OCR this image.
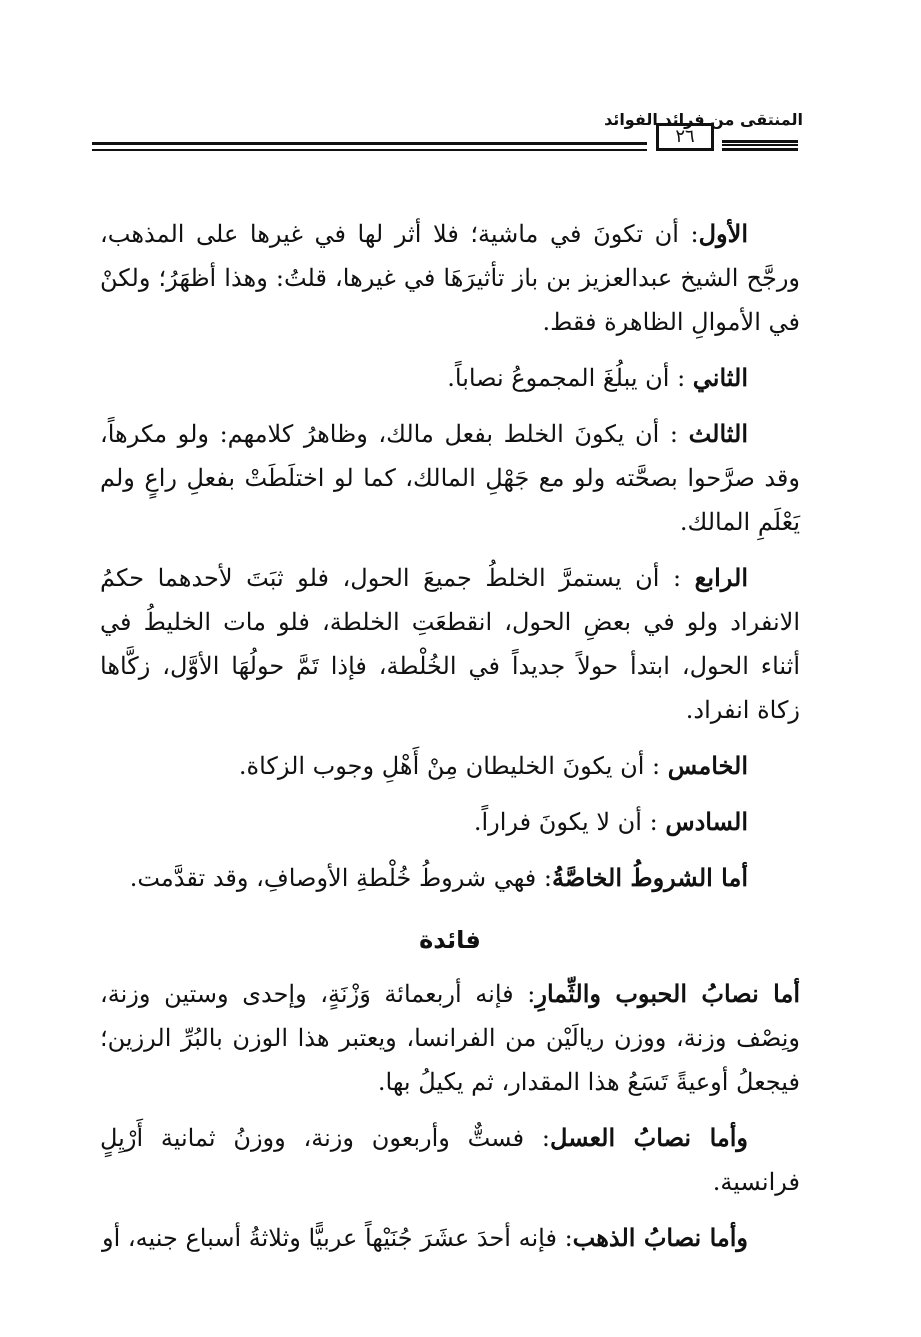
المنتقى من فرائد الفوائد
٢٦

الأول: أن تكونَ في ماشية؛ فلا أثر لها في غيرها على المذهب، ورجَّح الشيخ عبدالعزيز بن باز تأثيرَهَا في غيرها، قلتُ: وهذا أظهَرُ؛ ولكنْ في الأموالِ الظاهرة فقط.

الثاني : أن يبلُغَ المجموعُ نصاباً.

الثالث : أن يكونَ الخلط بفعل مالك، وظاهرُ كلامهم: ولو مكرهاً، وقد صرَّحوا بصحَّته ولو مع جَهْلِ المالك، كما لو اختلَطَتْ بفعلِ راعٍ ولم يَعْلَمِ المالك.

الرابع : أن يستمرَّ الخلطُ جميعَ الحول، فلو ثبَتَ لأحدهما حكمُ الانفراد ولو في بعضِ الحول، انقطعَتِ الخلطة، فلو مات الخليطُ في أثناء الحول، ابتدأ حولاً جديداً في الخُلْطة، فإذا تَمَّ حولُهَا الأوَّل، زكَّاها زكاة انفراد.

الخامس : أن يكونَ الخليطان مِنْ أَهْلِ وجوب الزكاة.

السادس : أن لا يكونَ فراراً.

أما الشروطُ الخاصَّةُ: فهي شروطُ خُلْطةِ الأوصافِ، وقد تقدَّمت.

فائدة

أما نصابُ الحبوب والثِّمارِ: فإنه أربعمائة وَزْنَةٍ، وإحدى وستين وزنة، ونِصْف وزنة، ووزن ريالَيْن من الفرانسا، ويعتبر هذا الوزن بالبُرِّ الرزين؛ فيجعلُ أوعيةً تَسَعُ هذا المقدار، ثم يكيلُ بها.

وأما نصابُ العسل: فستٌّ وأربعون وزنة، ووزنُ ثمانية أَرْيِلٍ فرانسية.

وأما نصابُ الذهب: فإنه أحدَ عشَرَ جُنَيْهاً عربيًّا وثلاثةُ أسباع جنيه، أو
